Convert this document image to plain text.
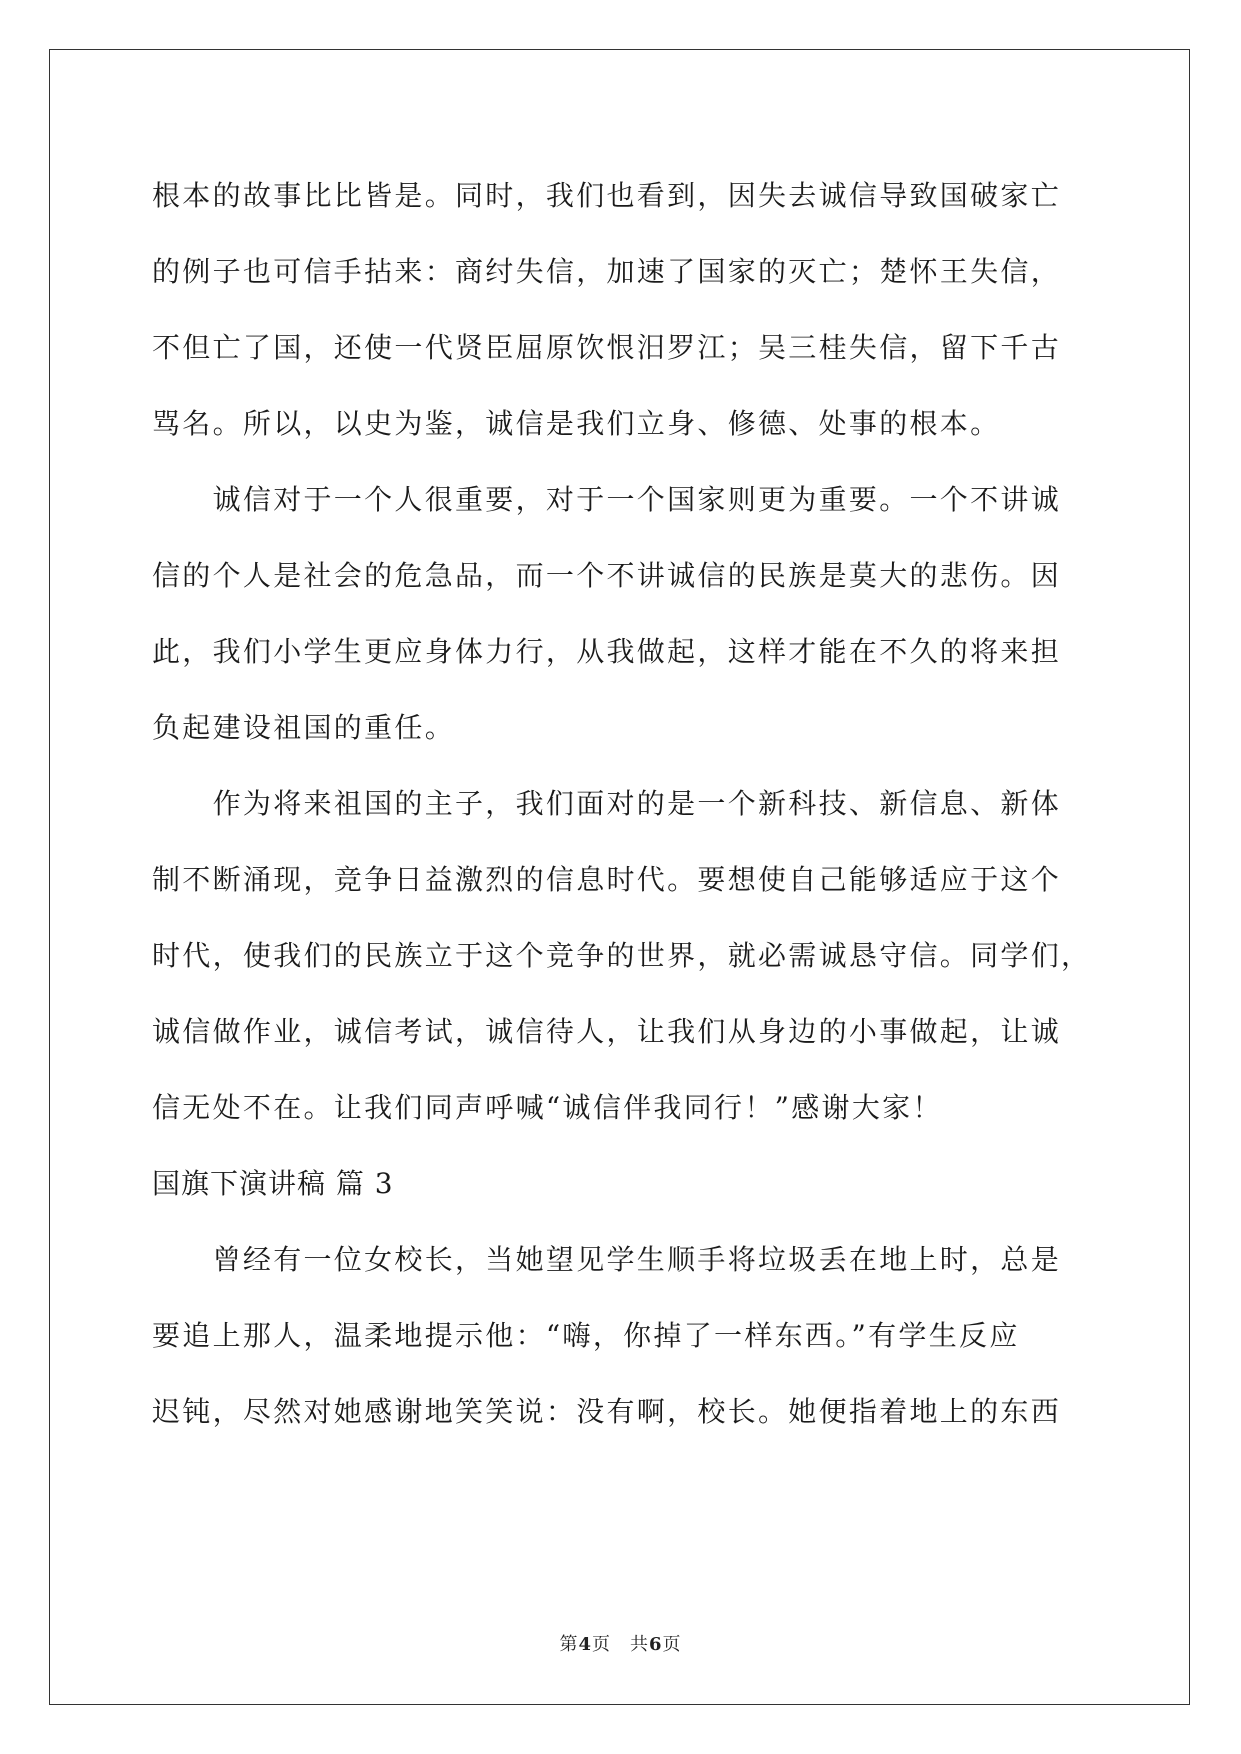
根本的故事比比皆是。同时，我们也看到，因失去诚信导致国破家亡
的例子也可信手拈来：商纣失信，加速了国家的灭亡；楚怀王失信，
不但亡了国，还使一代贤臣屈原饮恨汨罗江；吴三桂失信，留下千古
骂名。所以，以史为鉴，诚信是我们立身、修德、处事的根本。
　　诚信对于一个人很重要，对于一个国家则更为重要。一个不讲诚
信的个人是社会的危急品，而一个不讲诚信的民族是莫大的悲伤。因
此，我们小学生更应身体力行，从我做起，这样才能在不久的将来担
负起建设祖国的重任。
　　作为将来祖国的主子，我们面对的是一个新科技、新信息、新体
制不断涌现，竞争日益激烈的信息时代。要想使自己能够适应于这个
时代，使我们的民族立于这个竞争的世界，就必需诚恳守信。同学们，
诚信做作业，诚信考试，诚信待人，让我们从身边的小事做起，让诚
信无处不在。让我们同声呼喊“诚信伴我同行！”感谢大家！
国旗下演讲稿 篇 3
　　曾经有一位女校长，当她望见学生顺手将垃圾丢在地上时，总是
要追上那人，温柔地提示他：“嗨，你掉了一样东西。”有学生反应
迟钝，尽然对她感谢地笑笑说：没有啊，校长。她便指着地上的东西
第4页　共6页
